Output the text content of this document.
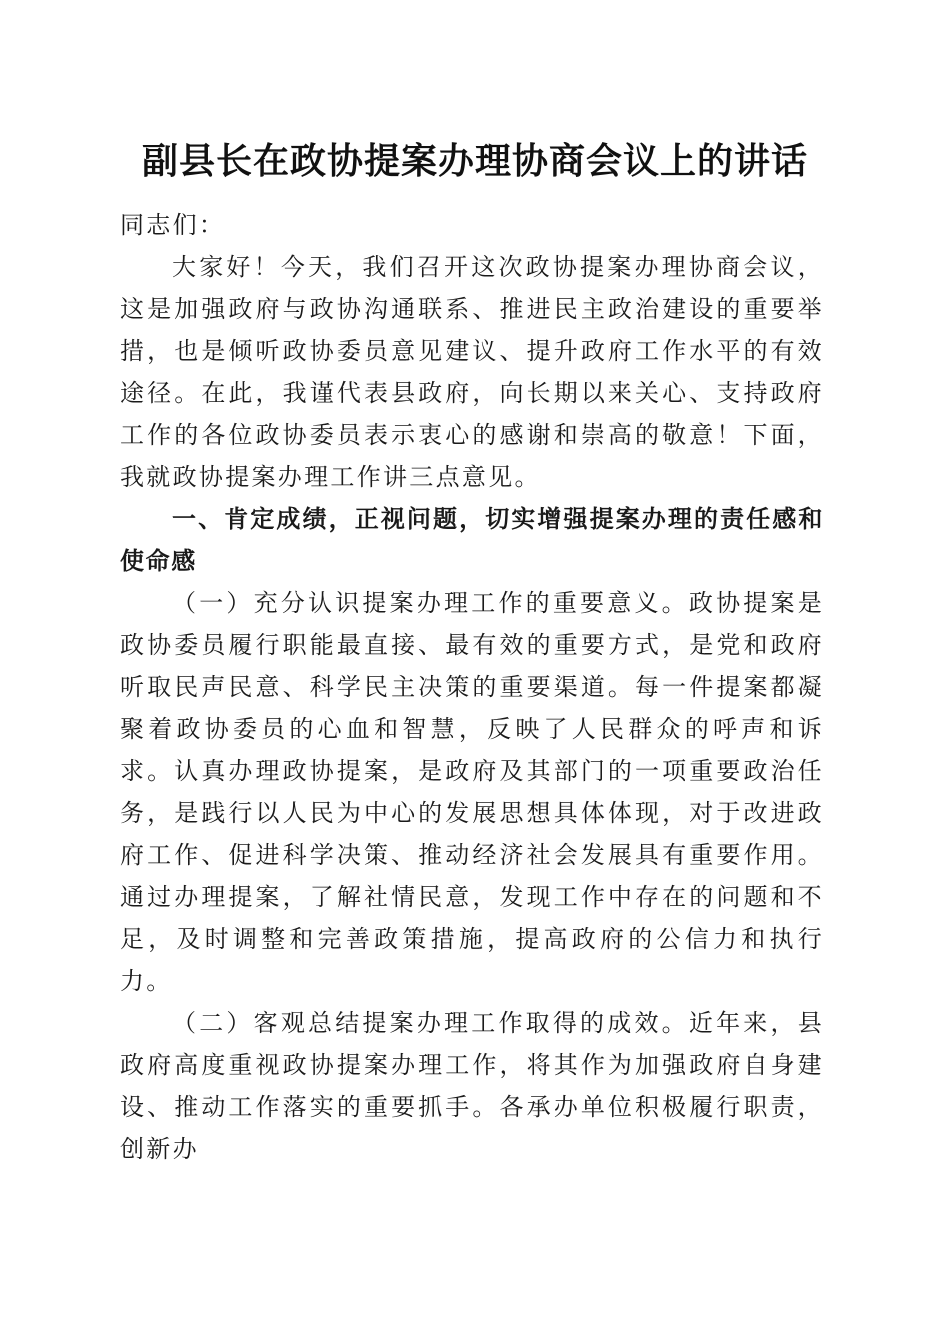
副县长在政协提案办理协商会议上的讲话

同志们：

大家好！今天，我们召开这次政协提案办理协商会议，这是加强政府与政协沟通联系、推进民主政治建设的重要举措，也是倾听政协委员意见建议、提升政府工作水平的有效途径。在此，我谨代表县政府，向长期以来关心、支持政府工作的各位政协委员表示衷心的感谢和崇高的敬意！下面，我就政协提案办理工作讲三点意见。

一、肯定成绩，正视问题，切实增强提案办理的责任感和使命感

（一）充分认识提案办理工作的重要意义。政协提案是政协委员履行职能最直接、最有效的重要方式，是党和政府听取民声民意、科学民主决策的重要渠道。每一件提案都凝聚着政协委员的心血和智慧，反映了人民群众的呼声和诉求。认真办理政协提案，是政府及其部门的一项重要政治任务，是践行以人民为中心的发展思想具体体现，对于改进政府工作、促进科学决策、推动经济社会发展具有重要作用。通过办理提案，了解社情民意，发现工作中存在的问题和不足，及时调整和完善政策措施，提高政府的公信力和执行力。

（二）客观总结提案办理工作取得的成效。近年来，县政府高度重视政协提案办理工作，将其作为加强政府自身建设、推动工作落实的重要抓手。各承办单位积极履行职责，创新办
